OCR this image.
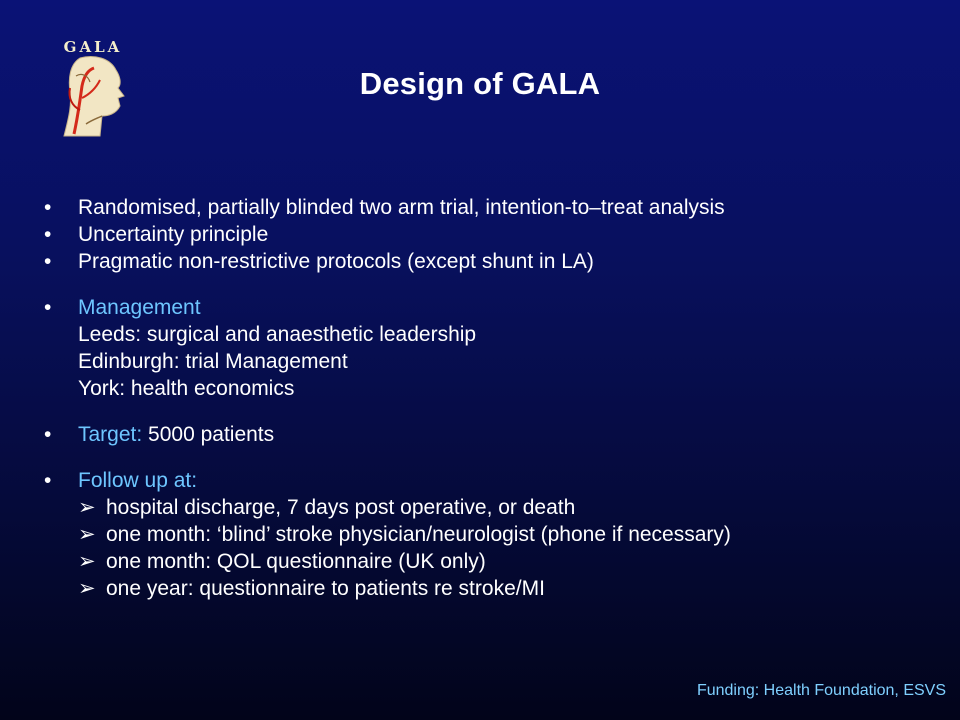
GALA
Design of GALA
• Randomised, partially blinded two arm trial, intention-to–treat analysis
• Uncertainty principle
• Pragmatic non-restrictive protocols (except shunt in LA)
• Management
Leeds: surgical and anaesthetic leadership
Edinburgh: trial Management
York: health economics
• Target: 5000 patients
• Follow up at:
➢ hospital discharge, 7 days post operative, or death
➢ one month: ‘blind’ stroke physician/neurologist (phone if necessary)
➢ one month: QOL questionnaire (UK only)
➢ one year: questionnaire to patients re stroke/MI
Funding: Health Foundation, ESVS
